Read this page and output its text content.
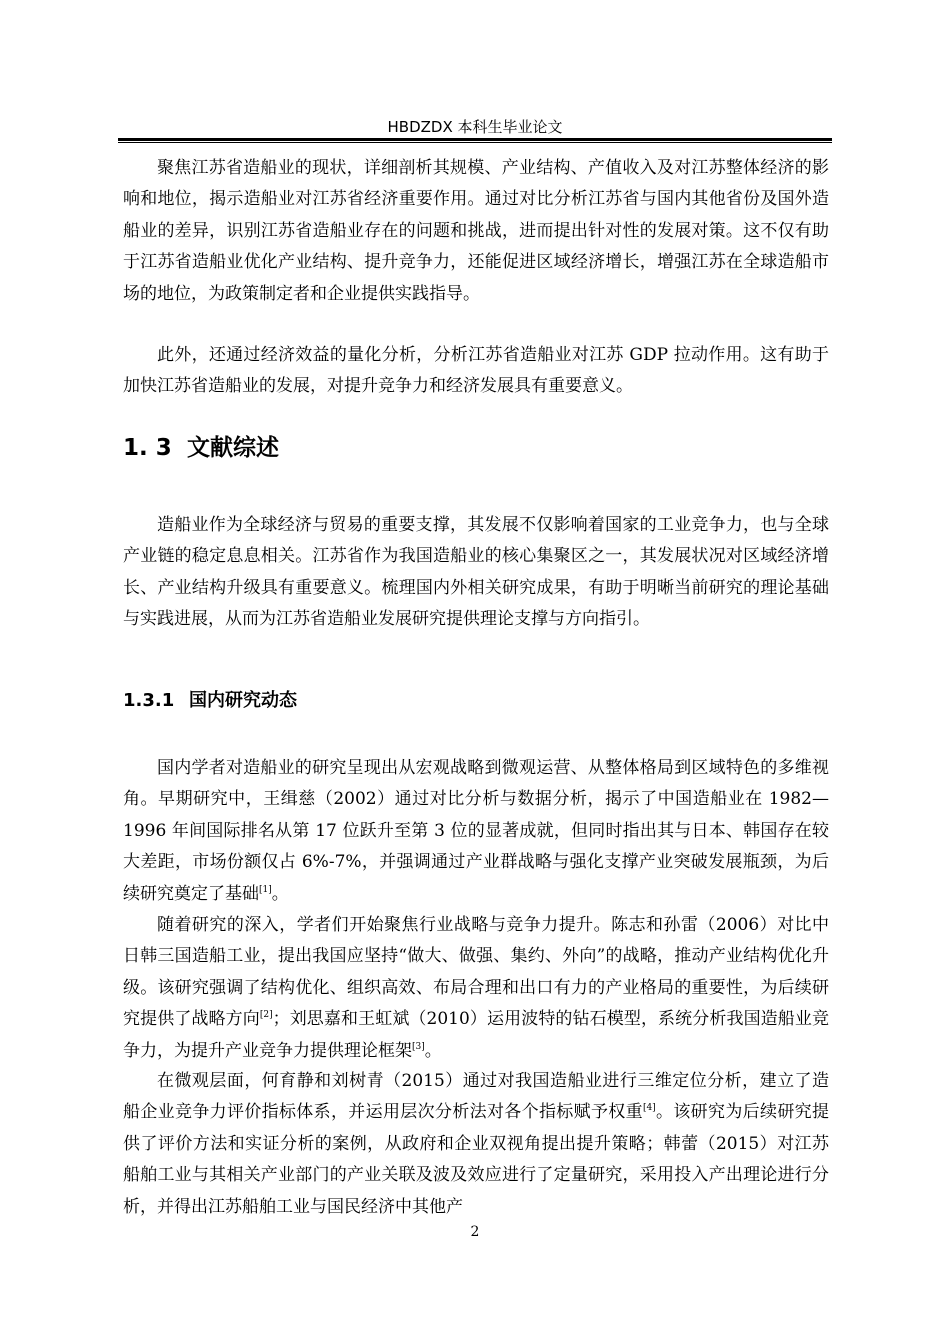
HBDZDX 本科生毕业论文

聚焦江苏省造船业的现状，详细剖析其规模、产业结构、产值收入及对江苏整体经济的影响和地位，揭示造船业对江苏省经济重要作用。通过对比分析江苏省与国内其他省份及国外造船业的差异，识别江苏省造船业存在的问题和挑战，进而提出针对性的发展对策。这不仅有助于江苏省造船业优化产业结构、提升竞争力，还能促进区域经济增长，增强江苏在全球造船市场的地位，为政策制定者和企业提供实践指导。

此外，还通过经济效益的量化分析，分析江苏省造船业对江苏 GDP 拉动作用。这有助于加快江苏省造船业的发展，对提升竞争力和经济发展具有重要意义。

1. 3 文献综述

造船业作为全球经济与贸易的重要支撑，其发展不仅影响着国家的工业竞争力，也与全球产业链的稳定息息相关。江苏省作为我国造船业的核心集聚区之一，其发展状况对区域经济增长、产业结构升级具有重要意义。梳理国内外相关研究成果，有助于明晰当前研究的理论基础与实践进展，从而为江苏省造船业发展研究提供理论支撑与方向指引。

1.3.1 国内研究动态

国内学者对造船业的研究呈现出从宏观战略到微观运营、从整体格局到区域特色的多维视角。早期研究中，王缉慈（2002）通过对比分析与数据分析，揭示了中国造船业在 1982—1996 年间国际排名从第 17 位跃升至第 3 位的显著成就，但同时指出其与日本、韩国存在较大差距，市场份额仅占 6%-7%，并强调通过产业群战略与强化支撑产业突破发展瓶颈，为后续研究奠定了基础[1]。

随着研究的深入，学者们开始聚焦行业战略与竞争力提升。陈志和孙雷（2006）对比中日韩三国造船工业，提出我国应坚持“做大、做强、集约、外向”的战略，推动产业结构优化升级。该研究强调了结构优化、组织高效、布局合理和出口有力的产业格局的重要性，为后续研究提供了战略方向[2]；刘思嘉和王虹斌（2010）运用波特的钻石模型，系统分析我国造船业竞争力，为提升产业竞争力提供理论框架[3]。

在微观层面，何育静和刘树青（2015）通过对我国造船业进行三维定位分析，建立了造船企业竞争力评价指标体系，并运用层次分析法对各个指标赋予权重[4]。该研究为后续研究提供了评价方法和实证分析的案例，从政府和企业双视角提出提升策略；韩蕾（2015）对江苏船舶工业与其相关产业部门的产业关联及波及效应进行了定量研究，采用投入产出理论进行分析，并得出江苏船舶工业与国民经济中其他产

2
